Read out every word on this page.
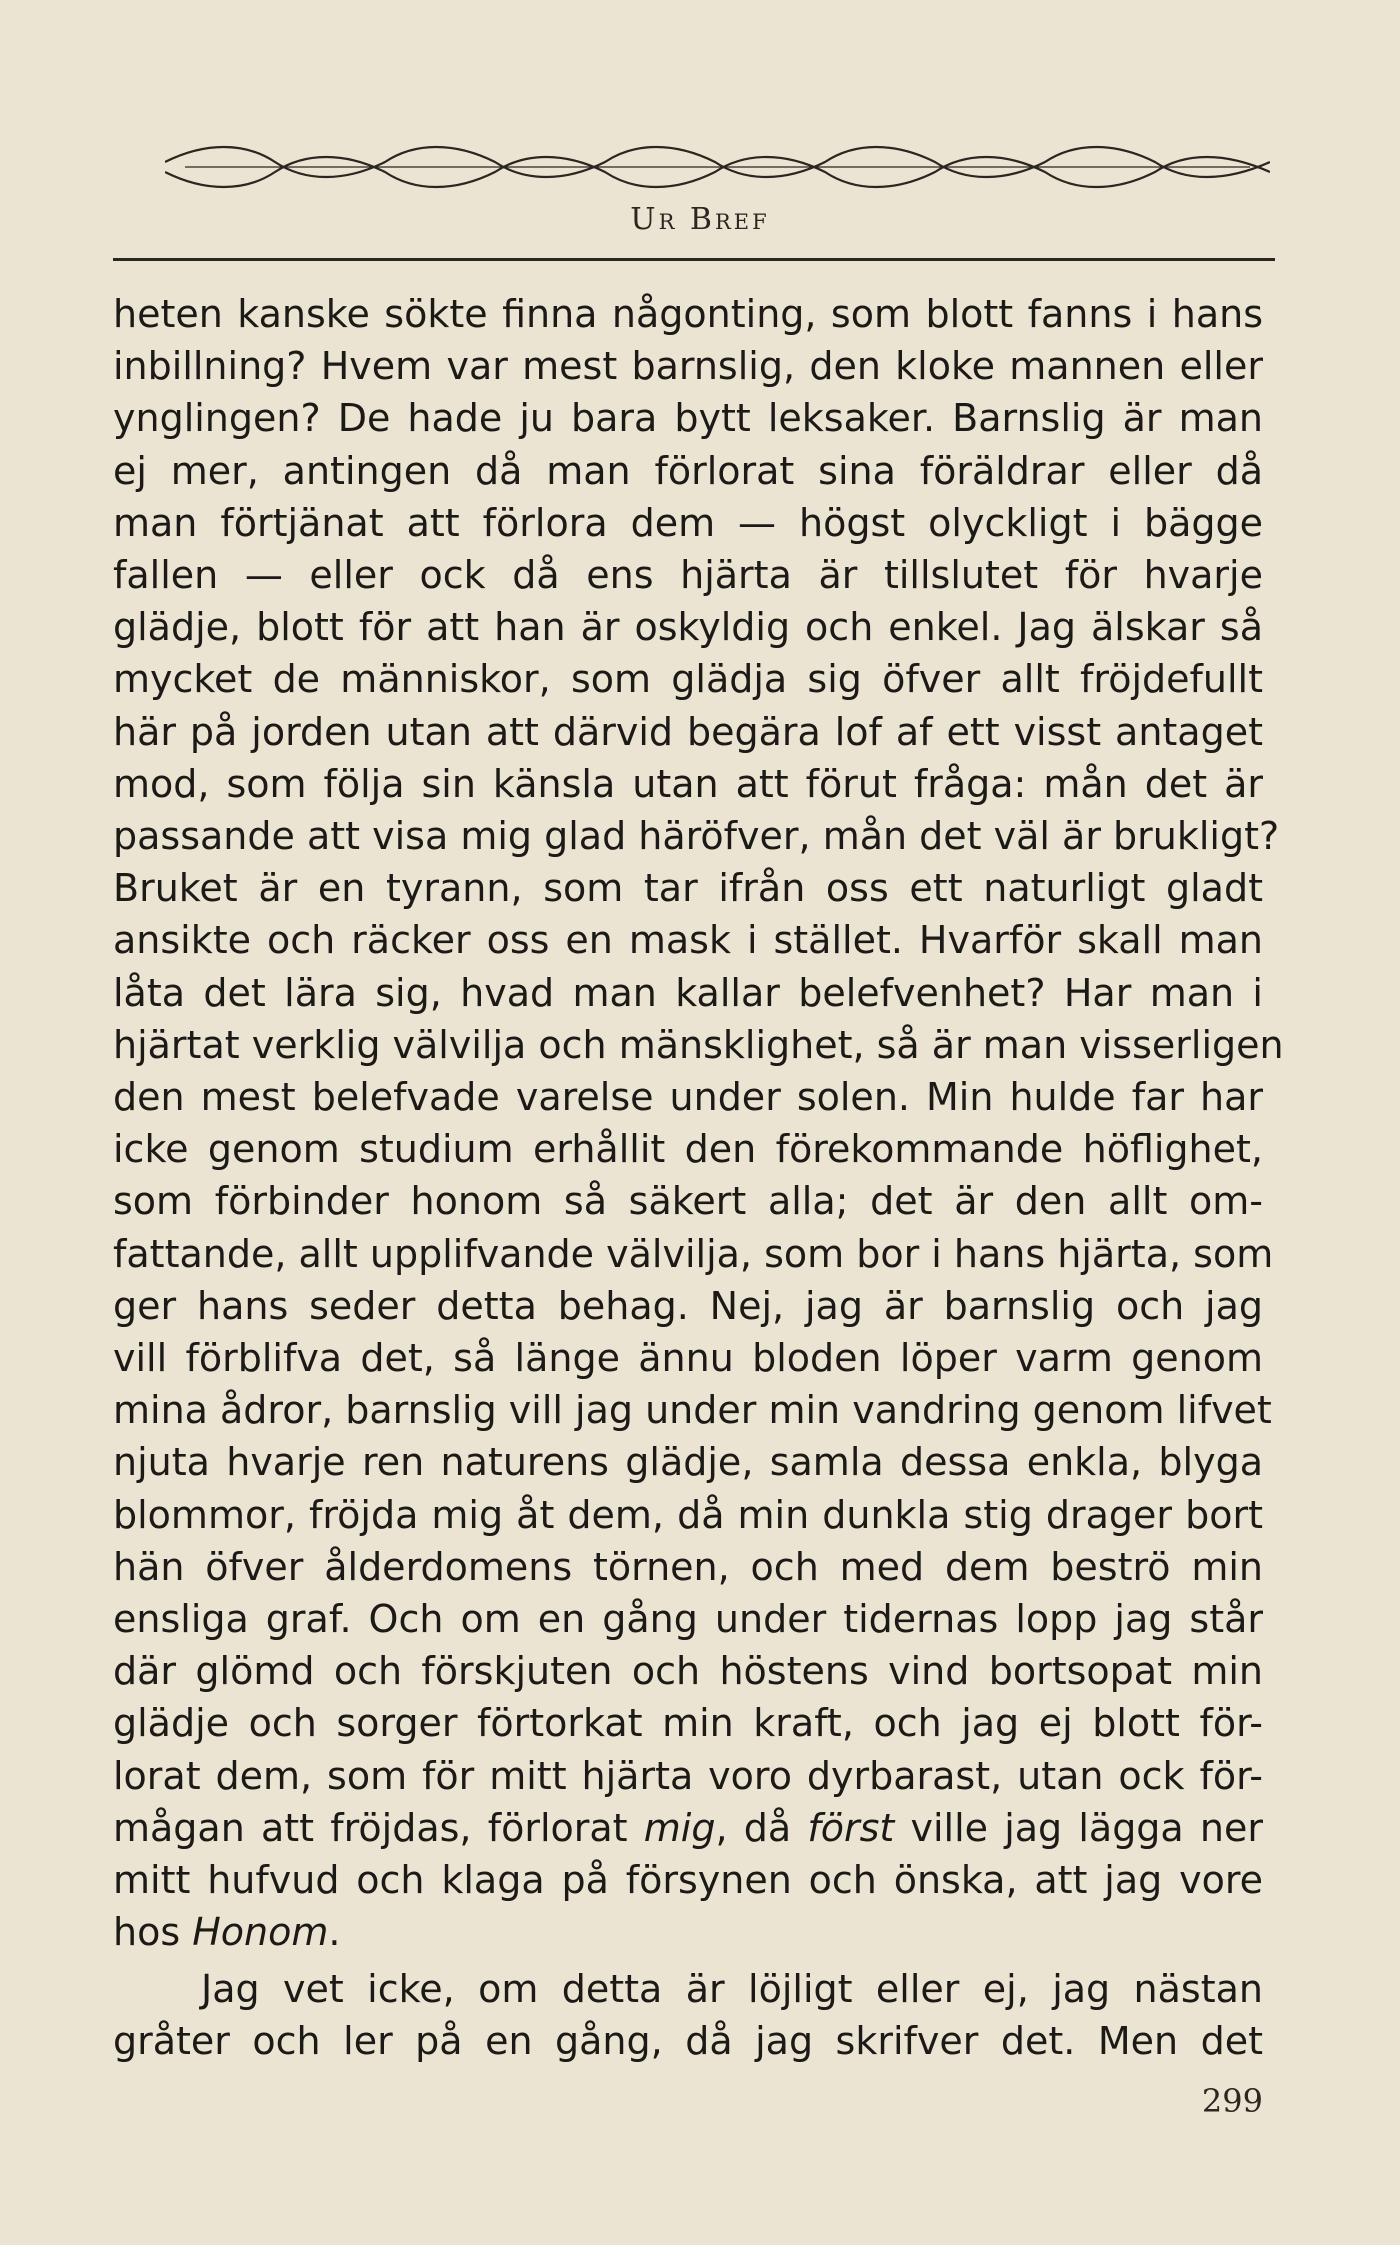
Ur Bref
heten kanske sökte finna någonting, som blott fanns i hans
inbillning? Hvem var mest barnslig, den kloke mannen eller
ynglingen? De hade ju bara bytt leksaker. Barnslig är man
ej mer, antingen då man förlorat sina föräldrar eller då
man förtjänat att förlora dem — högst olyckligt i bägge
fallen — eller ock då ens hjärta är tillslutet för hvarje
glädje, blott för att han är oskyldig och enkel. Jag älskar så
mycket de människor, som glädja sig öfver allt fröjdefullt
här på jorden utan att därvid begära lof af ett visst antaget
mod, som följa sin känsla utan att förut fråga: mån det är
passande att visa mig glad häröfver, mån det väl är brukligt?
Bruket är en tyrann, som tar ifrån oss ett naturligt gladt
ansikte och räcker oss en mask i stället. Hvarför skall man
låta det lära sig, hvad man kallar belefvenhet? Har man i
hjärtat verklig välvilja och mänsklighet, så är man visserligen
den mest belefvade varelse under solen. Min hulde far har
icke genom studium erhållit den förekommande höflighet,
som förbinder honom så säkert alla; det är den allt om-
fattande, allt upplifvande välvilja, som bor i hans hjärta, som
ger hans seder detta behag. Nej, jag är barnslig och jag
vill förblifva det, så länge ännu bloden löper varm genom
mina ådror, barnslig vill jag under min vandring genom lifvet
njuta hvarje ren naturens glädje, samla dessa enkla, blyga
blommor, fröjda mig åt dem, då min dunkla stig drager bort
hän öfver ålderdomens törnen, och med dem beströ min
ensliga graf. Och om en gång under tidernas lopp jag står
där glömd och förskjuten och höstens vind bortsopat min
glädje och sorger förtorkat min kraft, och jag ej blott för-
lorat dem, som för mitt hjärta voro dyrbarast, utan ock för-
mågan att fröjdas, förlorat mig, då först ville jag lägga ner
mitt hufvud och klaga på försynen och önska, att jag vore
hos Honom.
Jag vet icke, om detta är löjligt eller ej, jag nästan
gråter och ler på en gång, då jag skrifver det. Men det
299
